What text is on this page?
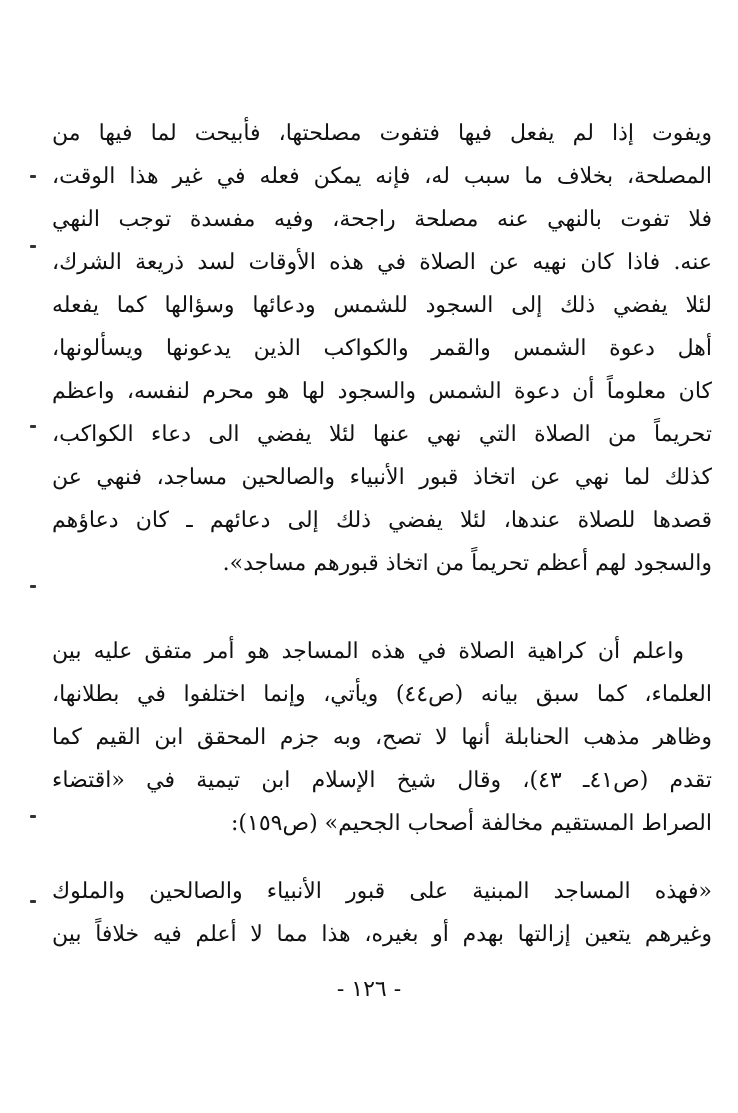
ويفوت إذا لم يفعل فيها فتفوت مصلحتها، فأبيحت لما فيها من
المصلحة، بخلاف ما سبب له، فإنه يمكن فعله في غير هذا الوقت،
فلا تفوت بالنهي عنه مصلحة راجحة، وفيه مفسدة توجب النهي
عنه. فاذا كان نهيه عن الصلاة في هذه الأوقات لسد ذريعة الشرك،
لئلا يفضي ذلك إلى السجود للشمس ودعائها وسؤالها كما يفعله
أهل دعوة الشمس والقمر والكواكب الذين يدعونها ويسألونها،
كان معلوماً أن دعوة الشمس والسجود لها هو محرم لنفسه، واعظم
تحريماً من الصلاة التي نهي عنها لئلا يفضي الى دعاء الكواكب،
كذلك لما نهي عن اتخاذ قبور الأنبياء والصالحين مساجد، فنهي عن
قصدها للصلاة عندها، لئلا يفضي ذلك إلى دعائهم ـ كان دعاؤهم
والسجود لهم أعظم تحريماً من اتخاذ قبورهم مساجد».
واعلم أن كراهية الصلاة في هذه المساجد هو أمر متفق عليه بين
العلماء، كما سبق بيانه (ص٤٤) ويأتي، وإنما اختلفوا في بطلانها،
وظاهر مذهب الحنابلة أنها لا تصح، وبه جزم المحقق ابن القيم كما
تقدم (ص٤١ـ ٤٣)، وقال شيخ الإسلام ابن تيمية في «اقتضاء
الصراط المستقيم مخالفة أصحاب الجحيم» (ص١٥٩):
«فهذه المساجد المبنية على قبور الأنبياء والصالحين والملوك
وغيرهم يتعين إزالتها بهدم أو بغيره، هذا مما لا أعلم فيه خلافاً بين
- ١٢٦ -
